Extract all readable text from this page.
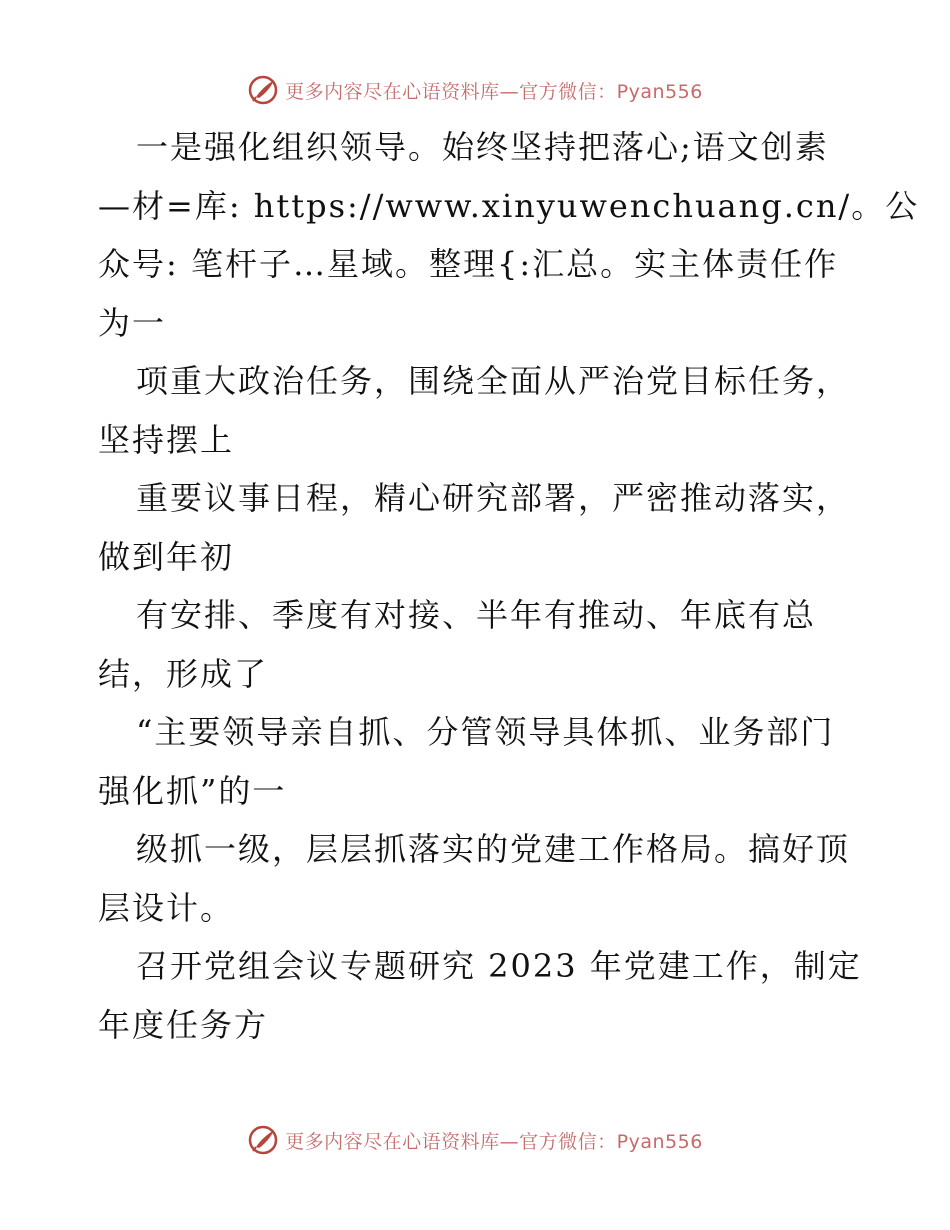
更多内容尽在心语资料库—官方微信：Pyan556
一是强化组织领导。始终坚持把落心;语文创素
—材=库: https://www.xinyuwenchuang.cn/。公
众号: 笔杆子…星域。整理{:汇总。实主体责任作
为一
项重大政治任务，围绕全面从严治党目标任务，
坚持摆上
重要议事日程，精心研究部署，严密推动落实，
做到年初
有安排、季度有对接、半年有推动、年底有总
结，形成了
“主要领导亲自抓、分管领导具体抓、业务部门
强化抓”的一
级抓一级，层层抓落实的党建工作格局。搞好顶
层设计。
召开党组会议专题研究 2023 年党建工作，制定
年度任务方
更多内容尽在心语资料库—官方微信：Pyan556
